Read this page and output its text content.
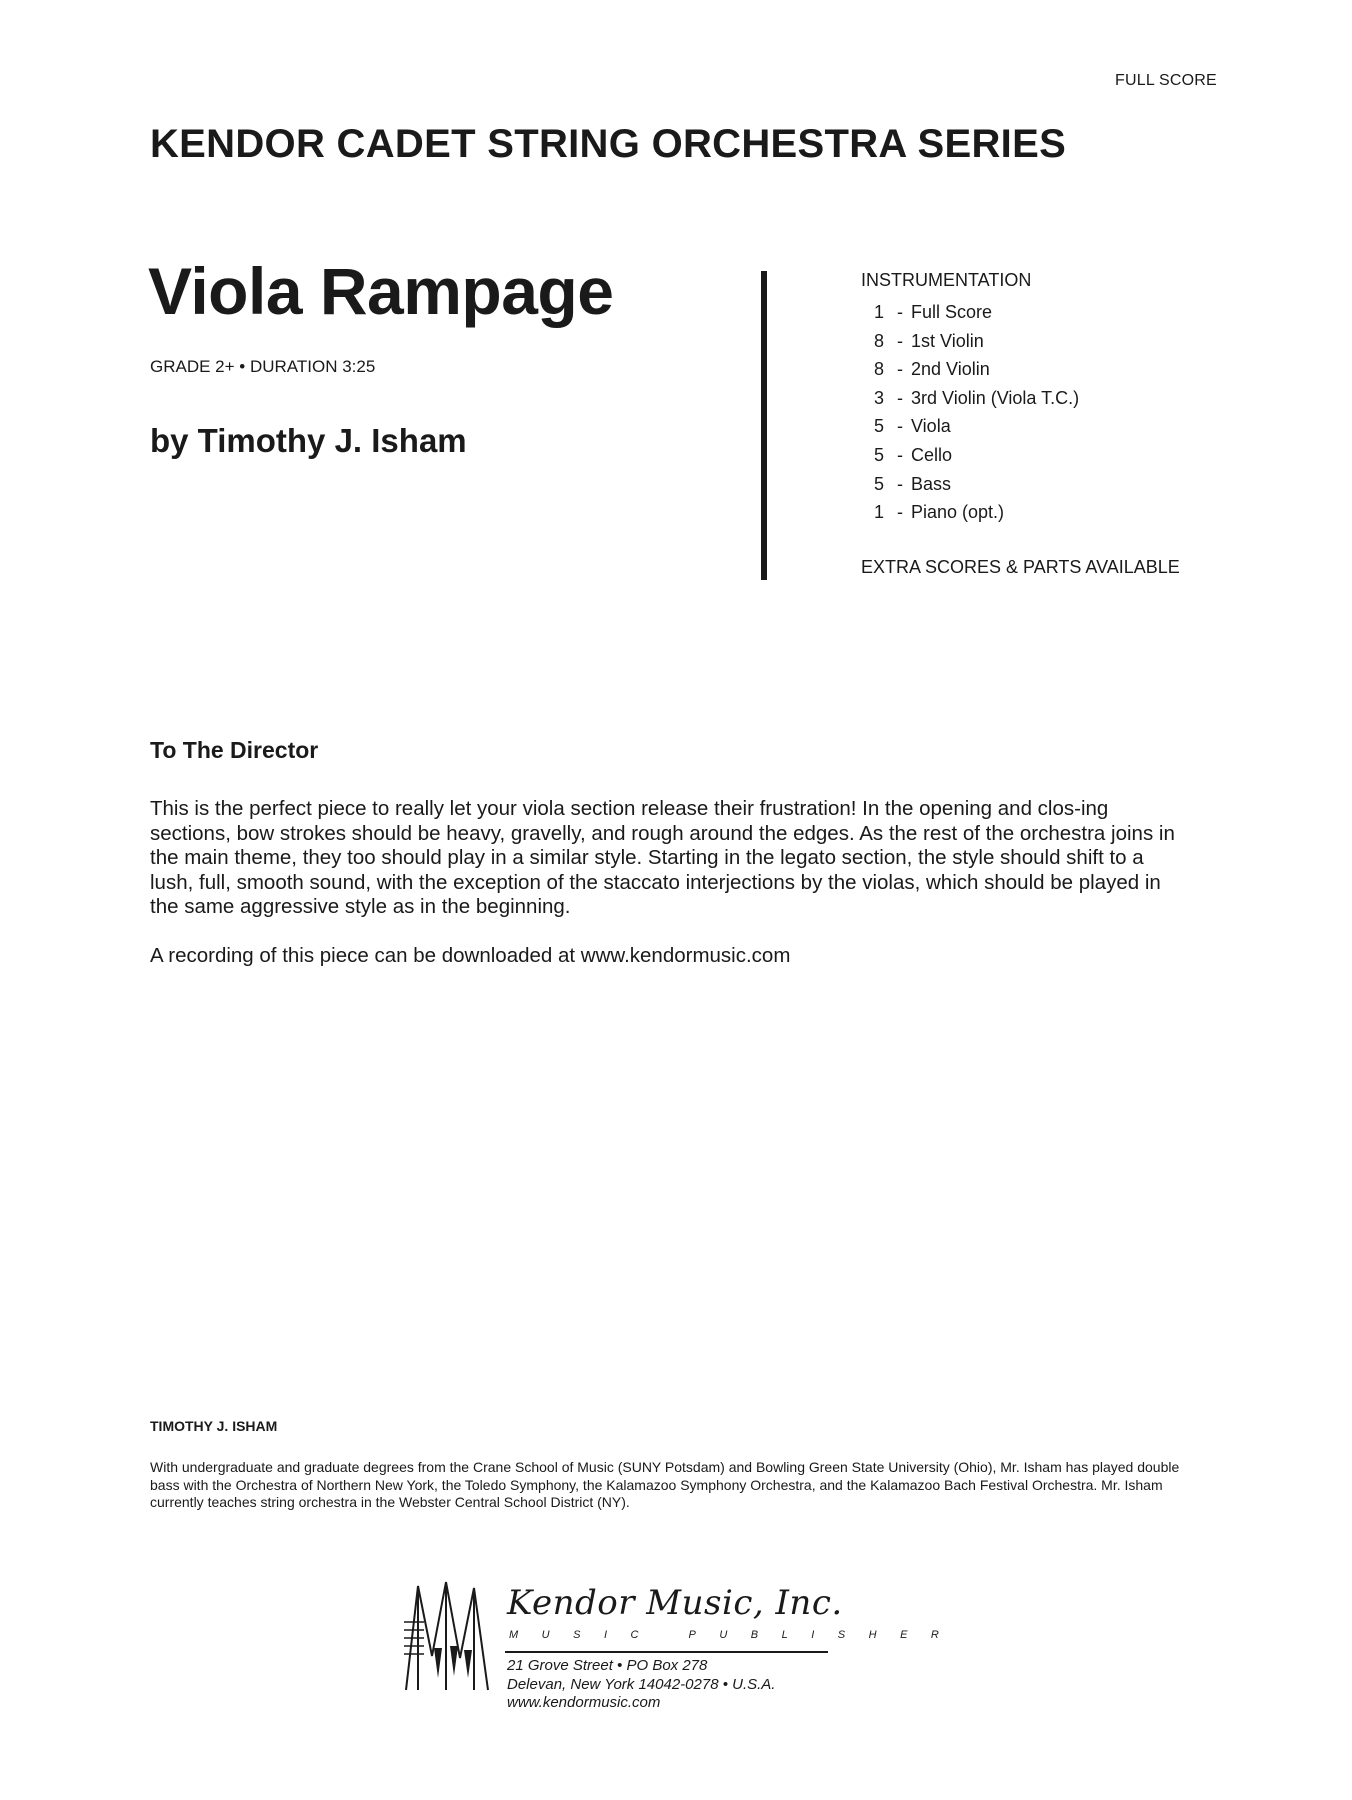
FULL SCORE
KENDOR CADET STRING ORCHESTRA SERIES
Viola Rampage
GRADE 2+ • DURATION 3:25
by Timothy J. Isham
INSTRUMENTATION
1 - Full Score
8 - 1st Violin
8 - 2nd Violin
3 - 3rd Violin (Viola T.C.)
5 - Viola
5 - Cello
5 - Bass
1 - Piano (opt.)
EXTRA SCORES & PARTS AVAILABLE
To The Director

This is the perfect piece to really let your viola section release their frustration! In the opening and clos-ing sections, bow strokes should be heavy, gravelly, and rough around the edges. As the rest of the orchestra joins in the main theme, they too should play in a similar style. Starting in the legato section, the style should shift to a lush, full, smooth sound, with the exception of the staccato interjections by the violas, which should be played in the same aggressive style as in the beginning.

A recording of this piece can be downloaded at www.kendormusic.com
TIMOTHY J. ISHAM

With undergraduate and graduate degrees from the Crane School of Music (SUNY Potsdam) and Bowling Green State University (Ohio), Mr. Isham has played double bass with the Orchestra of Northern New York, the Toledo Symphony, the Kalamazoo Symphony Orchestra, and the Kalamazoo Bach Festival Orchestra. Mr. Isham currently teaches string orchestra in the Webster Central School District (NY).

Kendor Music, Inc.
MUSIC PUBLISHER
21 Grove Street • PO Box 278
Delevan, New York 14042-0278 • U.S.A.
www.kendormusic.com
